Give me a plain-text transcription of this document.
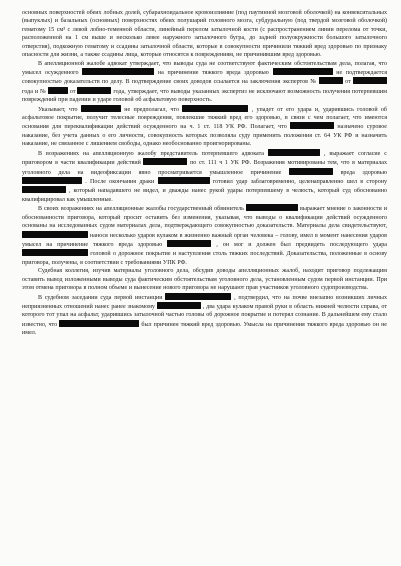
основных поверхностей обеих лобных долей, субарахноидальное кровоизлияние (под паутинной мозговой оболочкой) на конвекситальных (выпуклых) и базальных (основных) поверхностях обеих полушарий головного мозга, субдуральную (под твердой мозговой оболочкой) гематому 15 см³ с левой лобно-теменной области, линейный перелом затылочной кости (с распространением линии перелома от точки, расположенной на 1 см выше и несколько левее наружного затылочного бугра, до задней полуокружности большого затылочного отверстия), подкожную гематому и ссадины затылочной области, которые в совокупности причинили тяжкий вред здоровью по признаку опасности для жизни, а также ссадины лица, которые относятся к повреждениям, не причинившим вред здоровью.

В апелляционной жалобе адвокат утверждает, что выводы суда не соответствуют фактическим обстоятельствам дела, полагая, что умысел осужденного	на причинение тяжкого вреда здоровью	не подтверждается совокупностью доказательств по делу. В подтверждение своих доводов ссылается на заключения экспертов №	от  года и №	от	года, утверждает, что выводы указанных экспертиз не исключают возможность получения потерпевшим повреждений при падении и ударе головой об асфальтовую поверхность.

Указывает, что	не предполагал, что	, упадет от его удара и, ударившись головой об асфальтовое покрытие, получит телесные повреждения, повлекшие тяжкий вред его здоровью, в связи с чем полагает, что имеются основания для переквалификации действий осужденного на ч. 1 ст. 118 УК РФ. Полагает, что	назначено суровое наказание, без учета данных о его личности, совокупность которых позволяла суду применить положения ст. 64 УК РФ и назначить наказание, не связанное с лишением свободы, однако необоснованно проигнорированы.

В возражениях на апелляционную жалобу представитель потерпевшего адвоката	, выражает согласие с приговором в части квалификации действий	по ст. 111 ч 1 УК РФ. Возражения мотивированы тем, что в материалах уголовного дела на видеофиксации явно просматривается умышленное причинение	вреда здоровью  . После окончания драки	готовил удар заблаговременно, целенаправленно шел в сторону  , который нападавшего не видел, и дважды нанес рукой удары потерпевшему в челюсть, который суд обоснованно квалифицировал как умышленные.

В своих возражениях на апелляционные жалобы государственный обвинитель	выражает мнение о законности и обоснованности приговора, который просит оставить без изменения, указывая, что выводы о квалификации действий осужденного основаны на исследованных судом материалах дела, подтверждающего совокупностью доказательств. Материалы дела свидетельствуют,  нанося несколько ударов кулаком в жизненно важный орган человека – голову, имел в момент нанесения ударов умысел на причинение тяжкого вреда здоровью	, он мог и должен был предвидеть последующего удара  головой о дорожное покрытие и наступления столь тяжких последствий. Доказательства, положенные в основу приговора, получены, в соответствии с требованиями УПК РФ.

Судебная коллегия, изучив материалы уголовного дела, обсудив доводы апелляционных жалоб, находит приговор подлежащим оставить вывод изложенными выводы суда фактическим обстоятельствам уголовного дела, установленным судом первой инстанции. При этом отмена приговора в полном объеме и вынесение нового приговора не нарушают прав участников уголовного судопроизводства.

В судебном заседании суда первой инстанции	, подтвердил, что на почве внезапно возникших личных неприязненных отношений нанес ранее знакомому	, два удара кулаком правой руки в область нижней челюсти справа, от которого тот упал на асфальт, ударившись затылочной частью головы об дорожное покрытие и потерял сознание. В дальнейшем ему стало известно, что	был причинен тяжкий вред здоровью. Умысла на причинения тяжкого вреда здоровью он не имел.
